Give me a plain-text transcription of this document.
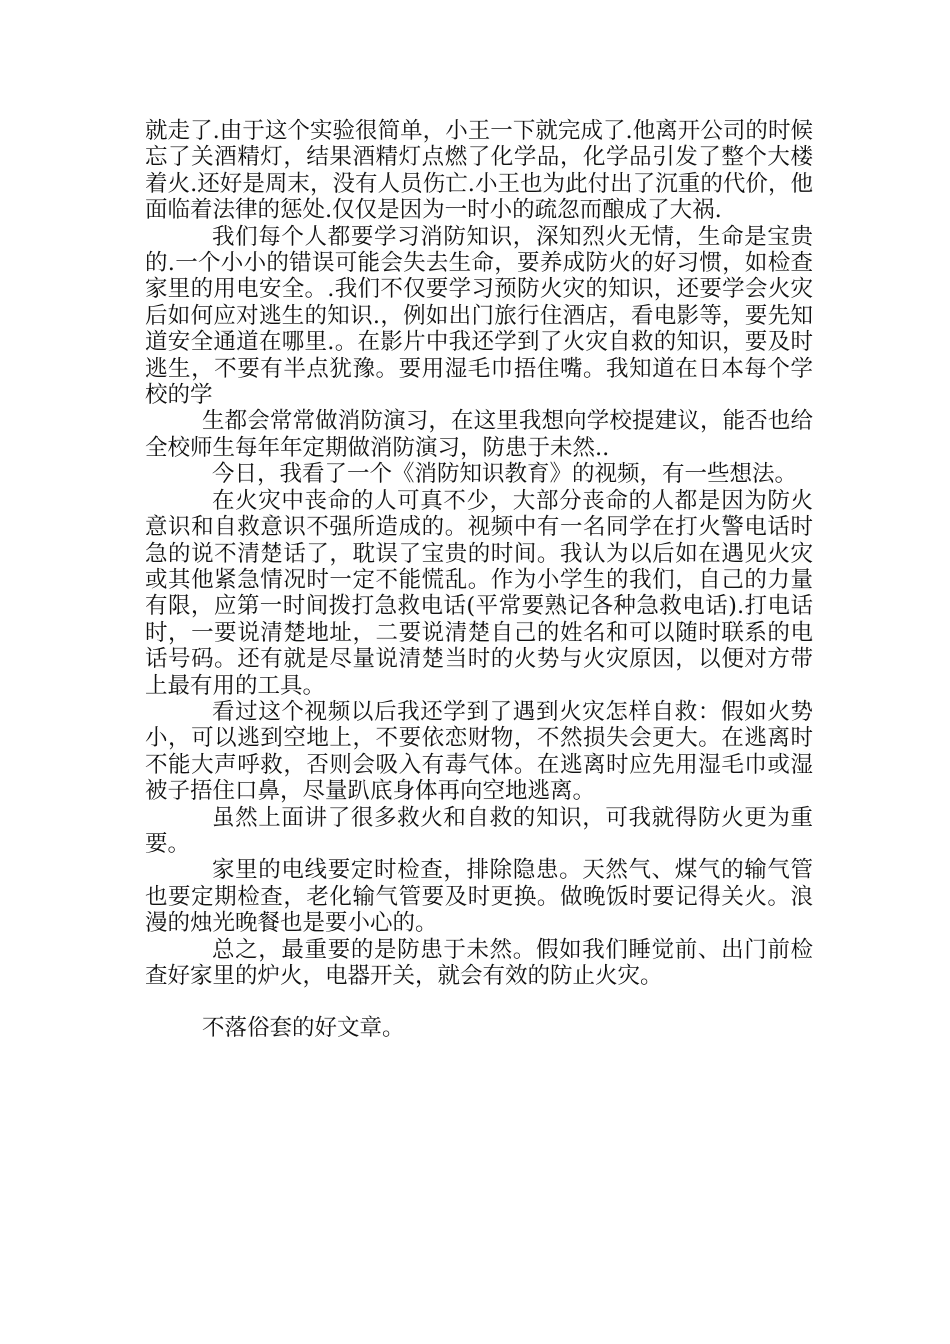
就走了.由于这个实验很简单，小王一下就完成了.他离开公司的时候忘了关酒精灯，结果酒精灯点燃了化学品，化学品引发了整个大楼着火.还好是周末，没有人员伤亡.小王也为此付出了沉重的代价，他面临着法律的惩处.仅仅是因为一时小的疏忽而酿成了大祸.

我们每个人都要学习消防知识，深知烈火无情，生命是宝贵的.一个小小的错误可能会失去生命，要养成防火的好习惯，如检查家里的用电安全。.我们不仅要学习预防火灾的知识，还要学会火灾后如何应对逃生的知识.，例如出门旅行住酒店，看电影等，要先知道安全通道在哪里.。在影片中我还学到了火灾自救的知识，要及时逃生，不要有半点犹豫。要用湿毛巾捂住嘴。我知道在日本每个学校的学

生都会常常做消防演习，在这里我想向学校提建议，能否也给全校师生每年年定期做消防演习，防患于未然..

今日，我看了一个《消防知识教育》的视频，有一些想法。

在火灾中丧命的人可真不少，大部分丧命的人都是因为防火意识和自救意识不强所造成的。视频中有一名同学在打火警电话时急的说不清楚话了，耽误了宝贵的时间。我认为以后如在遇见火灾或其他紧急情况时一定不能慌乱。作为小学生的我们，自己的力量有限，应第一时间拨打急救电话(平常要熟记各种急救电话).打电话时，一要说清楚地址，二要说清楚自己的姓名和可以随时联系的电话号码。还有就是尽量说清楚当时的火势与火灾原因，以便对方带上最有用的工具。

看过这个视频以后我还学到了遇到火灾怎样自救：假如火势小，可以逃到空地上，不要依恋财物，不然损失会更大。在逃离时不能大声呼救，否则会吸入有毒气体。在逃离时应先用湿毛巾或湿被子捂住口鼻，尽量趴底身体再向空地逃离。

虽然上面讲了很多救火和自救的知识，可我就得防火更为重要。

家里的电线要定时检查，排除隐患。天然气、煤气的输气管也要定期检查，老化输气管要及时更换。做晚饭时要记得关火。浪漫的烛光晚餐也是要小心的。

总之，最重要的是防患于未然。假如我们睡觉前、出门前检查好家里的炉火，电器开关，就会有效的防止火灾。

不落俗套的好文章。
